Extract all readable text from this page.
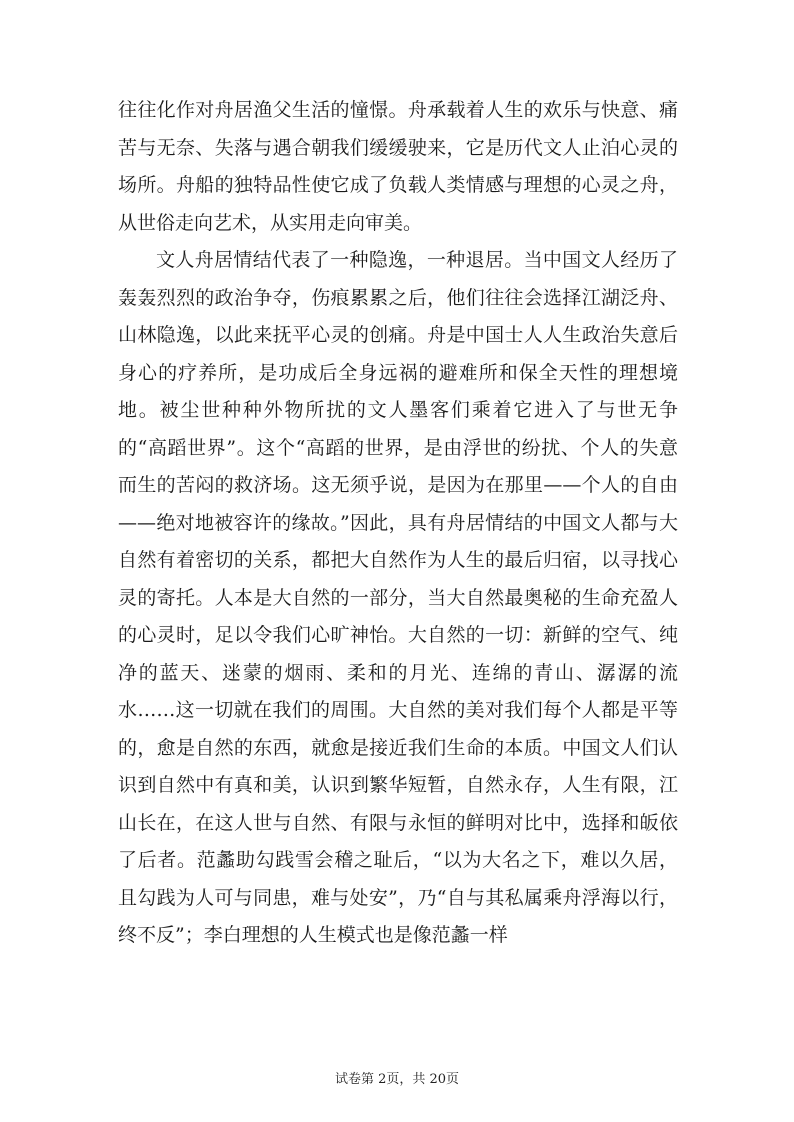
往往化作对舟居渔父生活的憧憬。舟承载着人生的欢乐与快意、痛苦与无奈、失落与遇合朝我们缓缓驶来，它是历代文人止泊心灵的场所。舟船的独特品性使它成了负载人类情感与理想的心灵之舟，从世俗走向艺术，从实用走向审美。

文人舟居情结代表了一种隐逸，一种退居。当中国文人经历了轰轰烈烈的政治争夺，伤痕累累之后，他们往往会选择江湖泛舟、山林隐逸，以此来抚平心灵的创痛。舟是中国士人人生政治失意后身心的疗养所，是功成后全身远祸的避难所和保全天性的理想境地。被尘世种种外物所扰的文人墨客们乘着它进入了与世无争的“高蹈世界”。这个“高蹈的世界，是由浮世的纷扰、个人的失意而生的苦闷的救济场。这无须乎说，是因为在那里——个人的自由——绝对地被容许的缘故。”因此，具有舟居情结的中国文人都与大自然有着密切的关系，都把大自然作为人生的最后归宿，以寻找心灵的寄托。人本是大自然的一部分，当大自然最奥秘的生命充盈人的心灵时，足以令我们心旷神怡。大自然的一切：新鲜的空气、纯净的蓝天、迷蒙的烟雨、柔和的月光、连绵的青山、潺潺的流水……这一切就在我们的周围。大自然的美对我们每个人都是平等的，愈是自然的东西，就愈是接近我们生命的本质。中国文人们认识到自然中有真和美，认识到繁华短暂，自然永存，人生有限，江山长在，在这人世与自然、有限与永恒的鲜明对比中，选择和皈依了后者。范蠡助勾践雪会稽之耻后，“以为大名之下，难以久居，且勾践为人可与同患，难与处安”，乃“自与其私属乘舟浮海以行，终不反”；李白理想的人生模式也是像范蠡一样

试卷第 2页，共 20页
